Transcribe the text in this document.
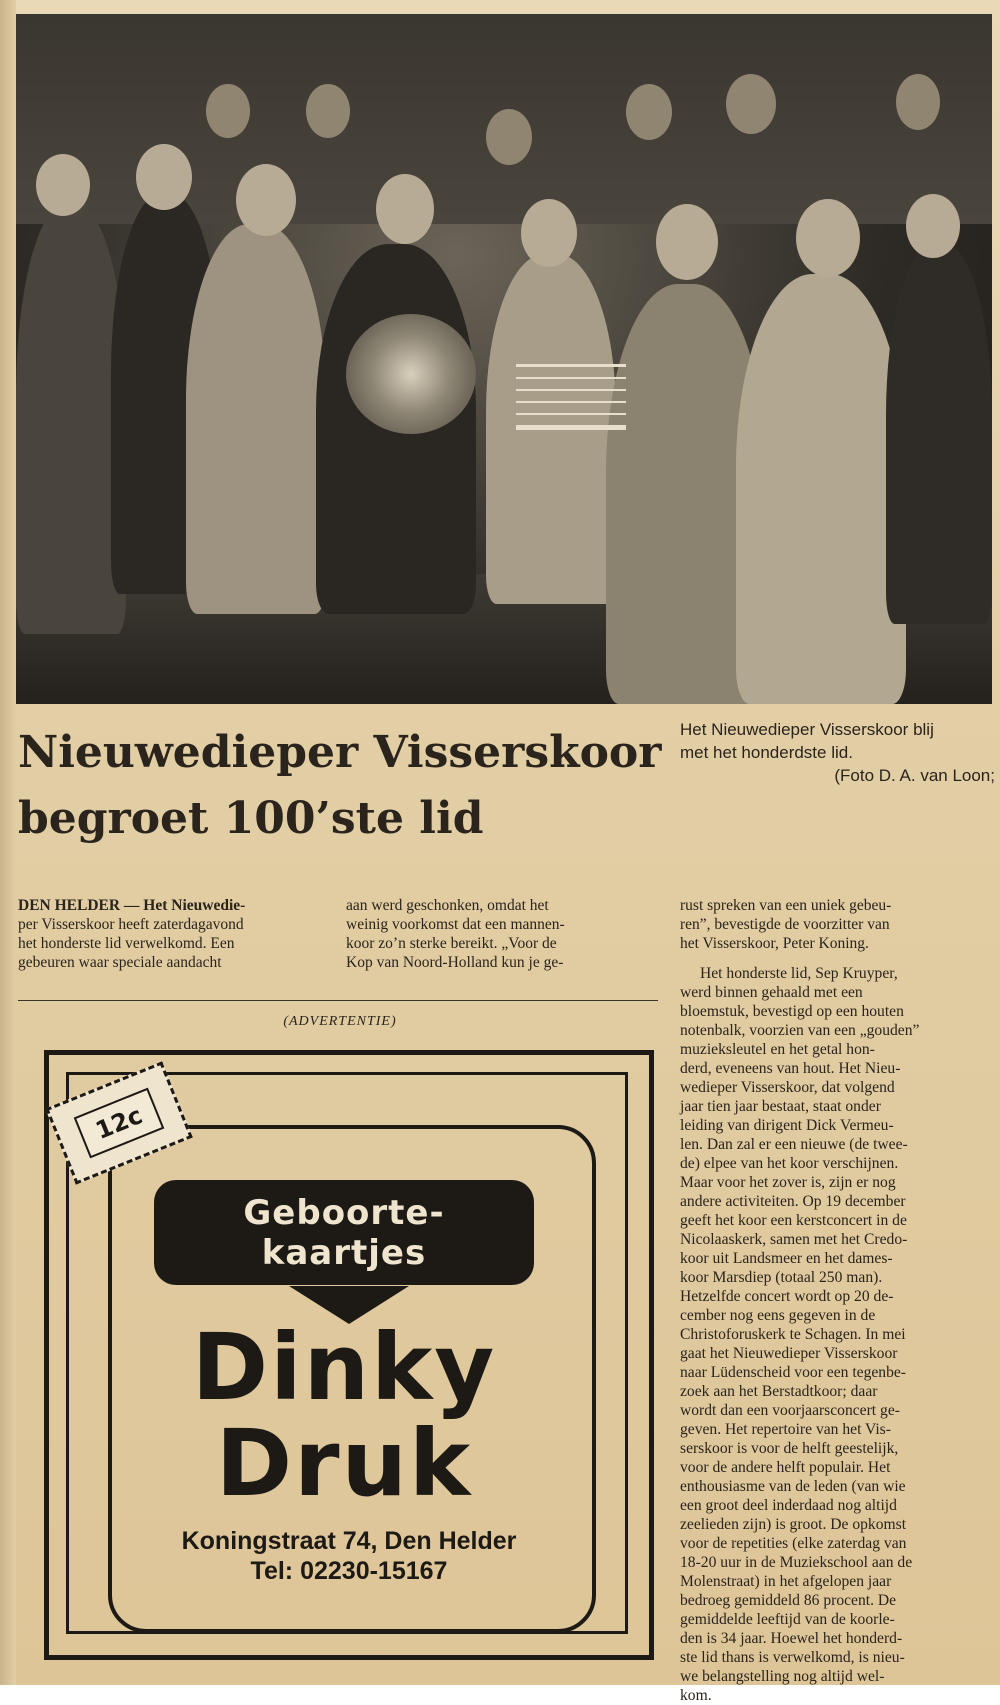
Nieuwedieper Visserskoor
begroet 100’ste lid
Het Nieuwedieper Visserskoor blij
met het honderdste lid.
(Foto D. A. van Loon;
DEN HELDER — Het Nieuwedie-
per Visserskoor heeft zaterdagavond
het honderste lid verwelkomd. Een
gebeuren waar speciale aandacht
aan werd geschonken, omdat het
weinig voorkomst dat een mannen-
koor zo’n sterke bereikt. „Voor de
Kop van Noord-Holland kun je ge-
rust spreken van een uniek gebeu-
ren”, bevestigde de voorzitter van
het Visserskoor, Peter Koning.
Het honderste lid, Sep Kruyper,
werd binnen gehaald met een
bloemstuk, bevestigd op een houten
notenbalk, voorzien van een „gouden”
muzieksleutel en het getal hon-
derd, eveneens van hout. Het Nieu-
wedieper Visserskoor, dat volgend
jaar tien jaar bestaat, staat onder
leiding van dirigent Dick Vermeu-
len. Dan zal er een nieuwe (de twee-
de) elpee van het koor verschijnen.
Maar voor het zover is, zijn er nog
andere activiteiten. Op 19 december
geeft het koor een kerstconcert in de
Nicolaaskerk, samen met het Credo-
koor uit Landsmeer en het dames-
koor Marsdiep (totaal 250 man).
Hetzelfde concert wordt op 20 de-
cember nog eens gegeven in de
Christoforuskerk te Schagen. In mei
gaat het Nieuwedieper Visserskoor
naar Lüdenscheid voor een tegenbe-
zoek aan het Berstadtkoor; daar
wordt dan een voorjaarsconcert ge-
geven. Het repertoire van het Vis-
serskoor is voor de helft geestelijk,
voor de andere helft populair. Het
enthousiasme van de leden (van wie
een groot deel inderdaad nog altijd
zeelieden zijn) is groot. De opkomst
voor de repetities (elke zaterdag van
18-20 uur in de Muziekschool aan de
Molenstraat) in het afgelopen jaar
bedroeg gemiddeld 86 procent. De
gemiddelde leeftijd van de koorle-
den is 34 jaar. Hoewel het honderd-
ste lid thans is verwelkomd, is nieu-
we belangstelling nog altijd wel-
kom.
(ADVERTENTIE)
12c
Geboorte-
kaartjes
Dinky
Druk
Koningstraat 74, Den Helder
Tel: 02230-15167
